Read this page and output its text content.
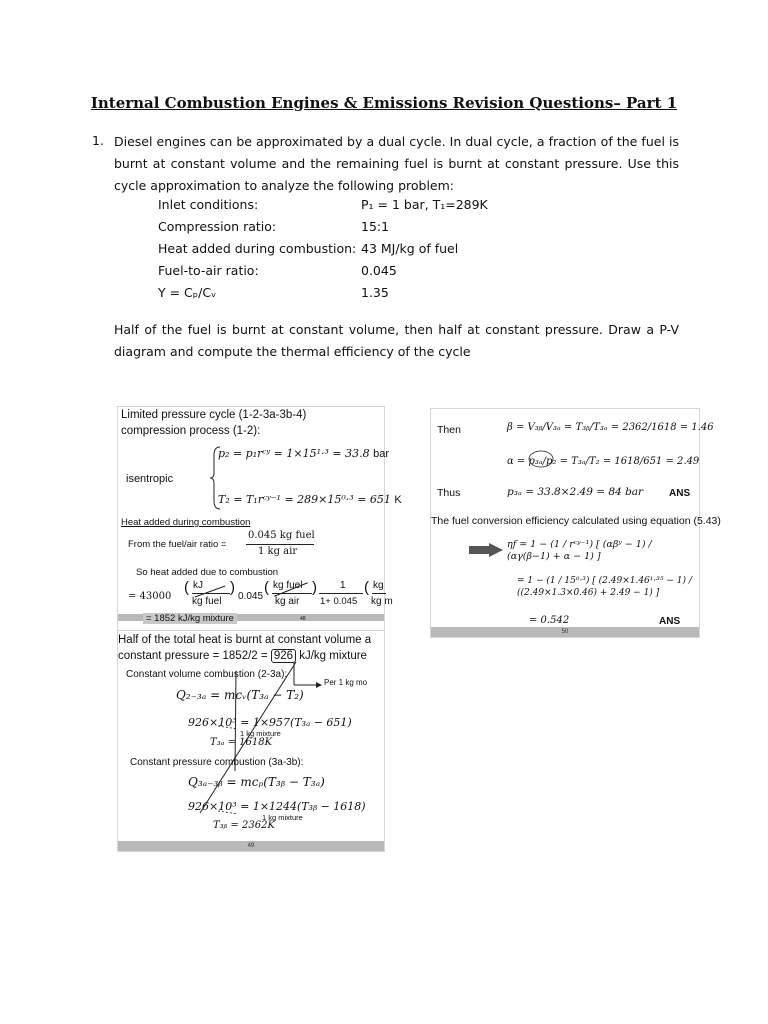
Internal Combustion Engines & Emissions Revision Questions– Part 1
1. Diesel engines can be approximated by a dual cycle. In dual cycle, a fraction of the fuel is burnt at constant volume and the remaining fuel is burnt at constant pressure. Use this cycle approximation to analyze the following problem:
Inlet conditions:	P₁ = 1 bar, T₁=289K
Compression ratio:	15:1
Heat added during combustion: 43 MJ/kg of fuel
Fuel-to-air ratio:	0.045
Υ = Cₚ/Cᵥ	1.35
Half of the fuel is burnt at constant volume, then half at constant pressure. Draw a P-V diagram and compute the thermal efficiency of the cycle
Limited pressure cycle (1-2-3a-3b-4)
compression process (1-2):
isentropic
p₂ = p₁rᶜʸ = 1×15¹·³ = 33.8 bar
T₂ = T₁rᶜʸ⁻¹ = 289×15⁰·³ = 651 K
Heat added during combustion
From the fuel/air ratio =
0.045 kg fuel
1 kg air
So heat added due to combustion
= 43000
( kJ
kg fuel
)
0.045
( kg fuel
kg air
) 1
1+ 0.045
( kg
kg m
= 1852 kJ/kg mixture	48
Half of the total heat is burnt at constant volume a
constant pressure = 1852/2 = 926 kJ/kg mixture
Per 1 kg mo
Constant volume combustion (2-3a):
Q₂₋₃ₐ = mcᵥ(T₃ₐ − T₂)
926×10³ = 1×957(T₃ₐ − 651)
1 kg mixture
T₃ₐ = 1618K
Constant pressure combustion (3a-3b):
Q₃ₐ₋₃ᵦ = mcₚ(T₃ᵦ − T₃ₐ)
926×10³ = 1×1244(T₃ᵦ − 1618)
1 kg mixture
T₃ᵦ = 2362K
49
Then	β = V₃ᵦ/V₃ₐ = T₃ᵦ/T₃ₐ = 2362/1618 = 1.46
α = p₃ₐ/p₂ = T₃ₐ/T₂ = 1618/651 = 2.49
Thus	p₃ₐ = 33.8×2.49 = 84 bar	ANS
The fuel conversion efficiency calculated using equation (5.43)
ηf = 1 − (1 / rᶜʸ⁻¹) [ (αβʸ − 1) / (αγ(β−1) + α − 1) ]
= 1 − (1 / 15⁰·³) [ (2.49×1.46¹·³⁵ − 1) / ((2.49×1.3×0.46) + 2.49 − 1) ]
= 0.542	ANS
50
